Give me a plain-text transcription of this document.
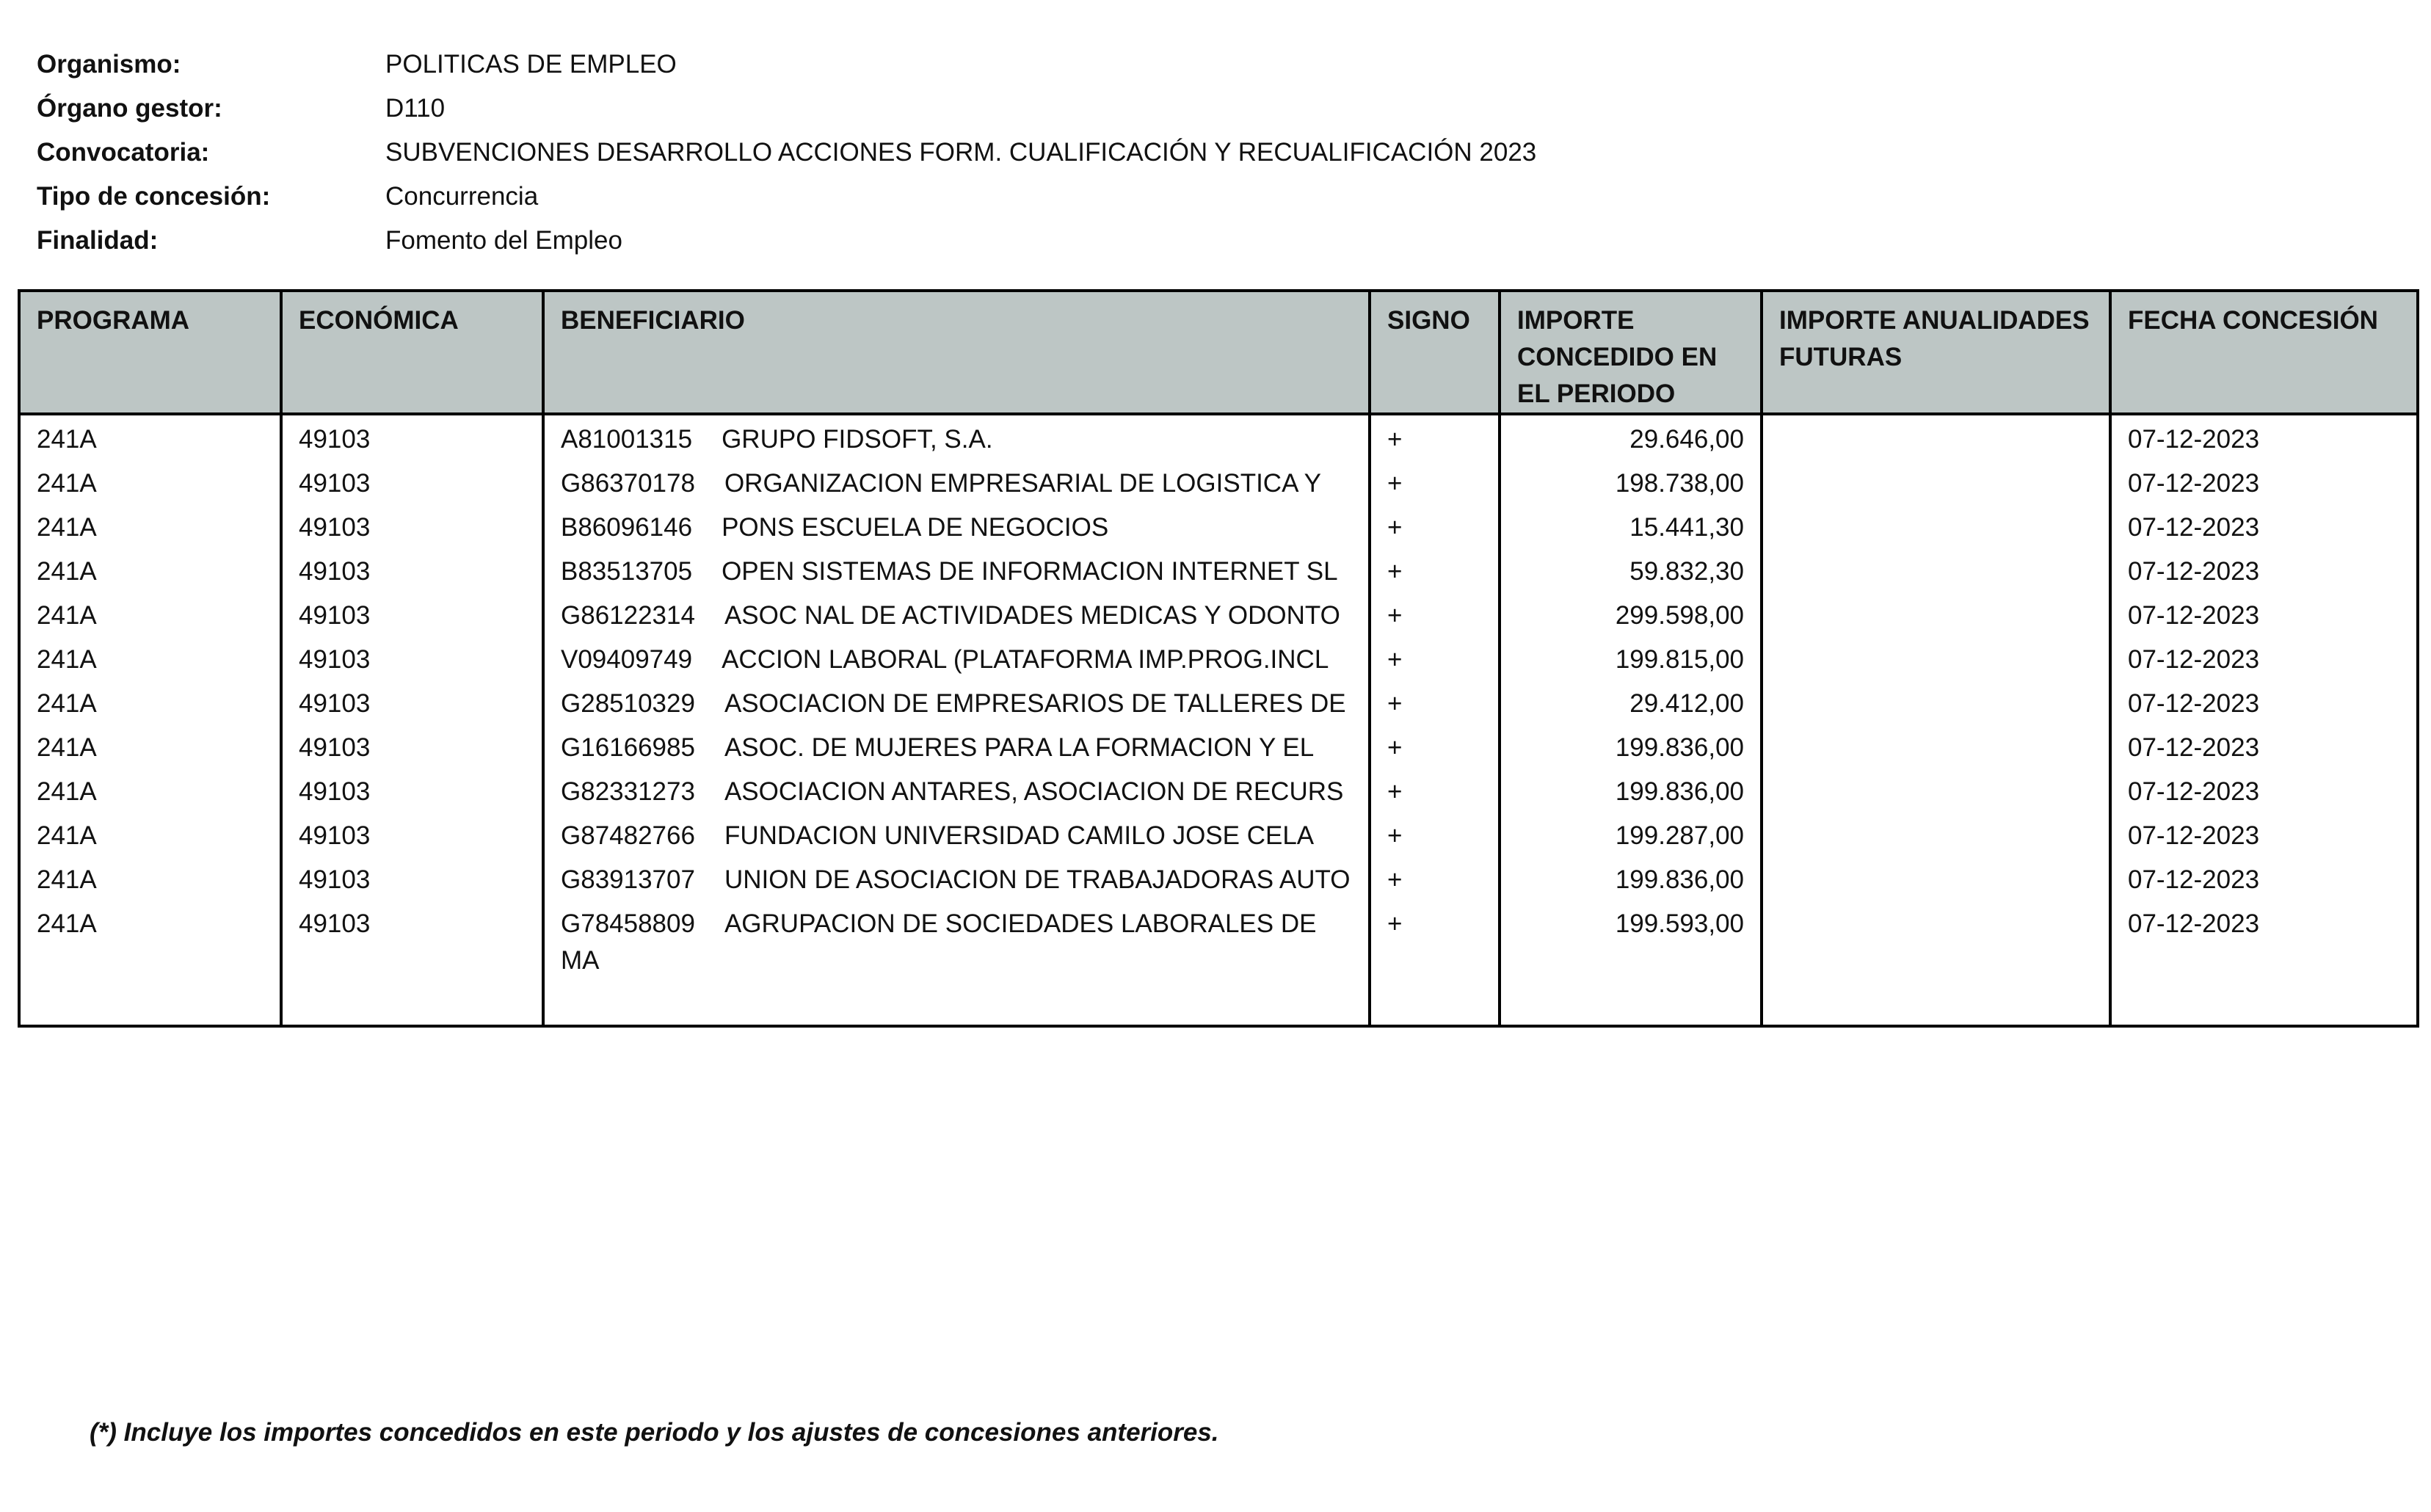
Organismo:	POLITICAS DE EMPLEO
Órgano gestor:	D110
Convocatoria:	SUBVENCIONES DESARROLLO ACCIONES FORM. CUALIFICACIÓN Y RECUALIFICACIÓN 2023
Tipo de concesión:	Concurrencia
Finalidad:	Fomento del Empleo
PROGRAMA	ECONÓMICA	BENEFICIARIO	SIGNO	IMPORTE CONCEDIDO EN EL PERIODO	IMPORTE ANUALIDADES FUTURAS	FECHA CONCESIÓN
241A	49103	A81001315 GRUPO FIDSOFT, S.A.	+	29.646,00		07-12-2023
241A	49103	G86370178 ORGANIZACION EMPRESARIAL DE LOGISTICA Y	+	198.738,00		07-12-2023
241A	49103	B86096146 PONS ESCUELA DE NEGOCIOS	+	15.441,30		07-12-2023
241A	49103	B83513705 OPEN SISTEMAS DE INFORMACION INTERNET SL	+	59.832,30		07-12-2023
241A	49103	G86122314 ASOC NAL DE ACTIVIDADES MEDICAS Y ODONTO	+	299.598,00		07-12-2023
241A	49103	V09409749 ACCION LABORAL (PLATAFORMA IMP.PROG.INCL	+	199.815,00		07-12-2023
241A	49103	G28510329 ASOCIACION DE EMPRESARIOS DE TALLERES DE	+	29.412,00		07-12-2023
241A	49103	G16166985 ASOC. DE MUJERES PARA LA FORMACION Y EL	+	199.836,00		07-12-2023
241A	49103	G82331273 ASOCIACION ANTARES, ASOCIACION DE RECURS	+	199.836,00		07-12-2023
241A	49103	G87482766 FUNDACION UNIVERSIDAD CAMILO JOSE CELA	+	199.287,00		07-12-2023
241A	49103	G83913707 UNION DE ASOCIACION DE TRABAJADORAS AUTO	+	199.836,00		07-12-2023
241A	49103	G78458809 AGRUPACION DE SOCIEDADES LABORALES DE MA	+	199.593,00		07-12-2023
(*) Incluye los importes concedidos en este periodo y los ajustes de concesiones anteriores.
